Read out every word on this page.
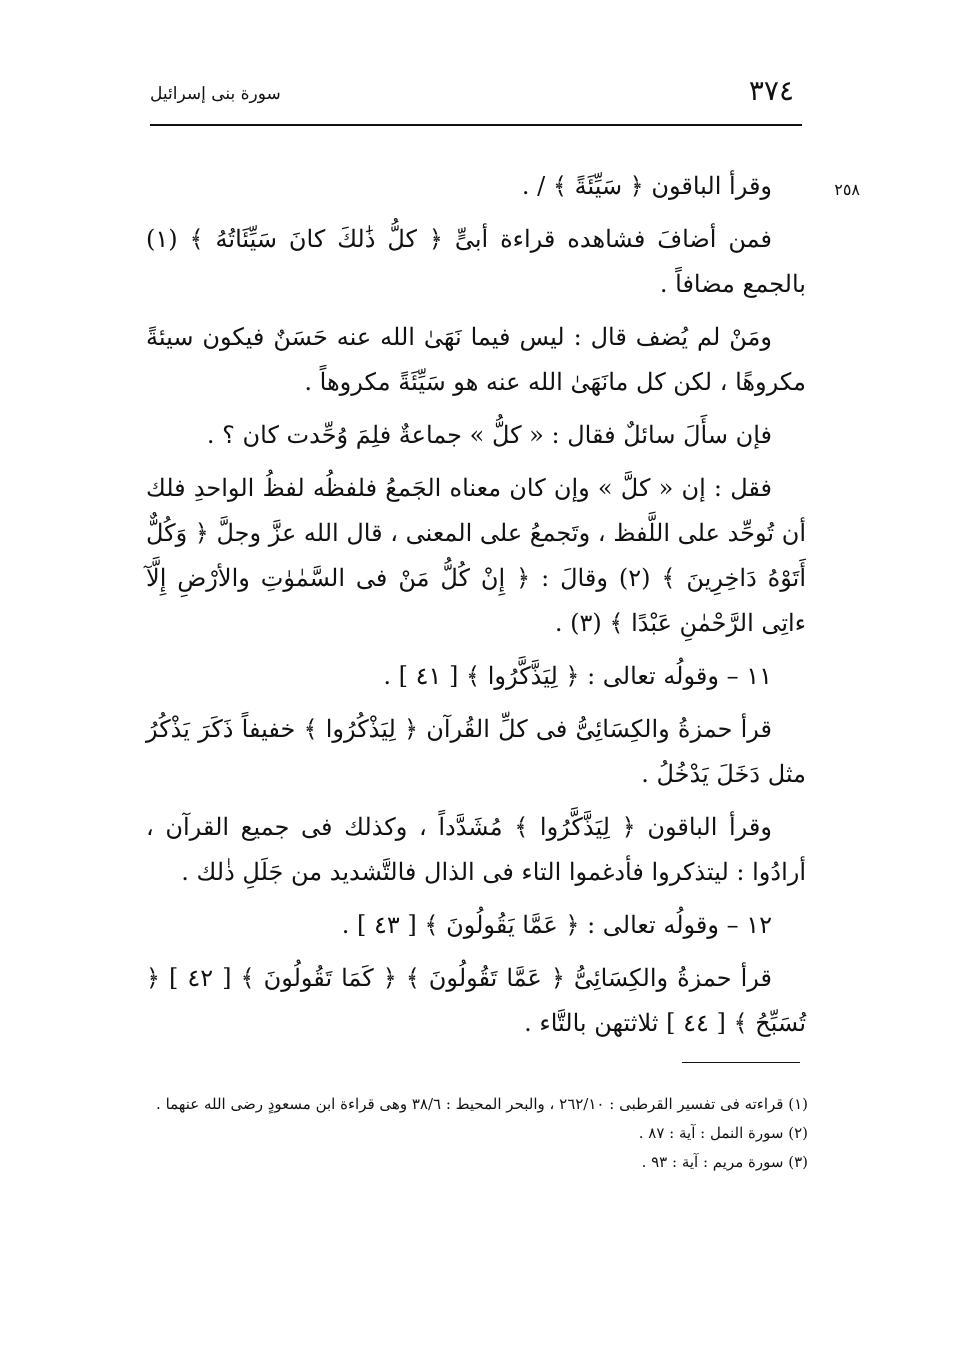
٣٧٤
سورة بنى إسرائيل
٢٥٨

وقرأ الباقون ﴿ سَيِّئَةً ﴾ / .

فمن أضافَ فشاهده قراءة أبىٍّ ﴿ كلُّ ذَٰلكَ كانَ سَيِّئَاتُهُ ﴾ (١) بالجمع مضافاً .

ومَنْ لم يُضف قال : ليس فيما نَهَىٰ الله عنه حَسَنٌ فيكون سيئةً مكروهًا ، لكن كل مانَهَىٰ الله عنه هو سَيِّئَةً مكروهاً .

فإن سأَلَ سائلٌ فقال : « كلُّ » جماعةٌ فلِمَ وُحِّدت كان ؟ .

فقل : إن « كلَّ » وإن كان معناه الجَمعُ فلفظُه لفظُ الواحدِ فلك أن تُوحِّد على اللَّفظ ، وتَجمعُ على المعنى ، قال الله عزَّ وجلَّ ﴿ وَكُلٌّ أَتَوْهُ دَاخِرِينَ ﴾ (٢) وقالَ : ﴿ إِنْ كُلُّ مَنْ فى السَّمٰوٰتِ والأرْضِ إِلَّآ ءاتِى الرَّحْمٰنِ عَبْدًا ﴾ (٣) .

١١ – وقولُه تعالى : ﴿ لِيَذَّكَّرُوا ﴾ [ ٤١ ] .

قرأ حمزةُ والكِسَائِىُّ فى كلِّ القُرآن ﴿ لِيَذْكُرُوا ﴾ خفيفاً ذَكَرَ يَذْكُرُ مثل دَخَلَ يَدْخُلُ .

وقرأ الباقون ﴿ لِيَذَّكَّرُوا ﴾ مُشَدَّداً ، وكذلك فى جميع القرآن ، أرادُوا : ليتذكروا فأدغموا التاء فى الذال فالتَّشديد من جَلَلِ ذٰلك .

١٢ – وقولُه تعالى : ﴿ عَمَّا يَقُولُونَ ﴾ [ ٤٣ ] .

قرأ حمزةُ والكِسَائِىُّ ﴿ عَمَّا تَقُولُونَ ﴾ ﴿ كَمَا تَقُولُونَ ﴾ [ ٤٢ ] ﴿ تُسَبِّحُ ﴾ [ ٤٤ ] ثلاثتهن بالتَّاء .

(١) قراءته فى تفسير القرطبى : ٢٦٢/١٠ ، والبحر المحيط : ٣٨/٦ وهى قراءة ابن مسعودٍ رضى الله عنهما .

(٢) سورة النمل : آية : ٨٧ .

(٣) سورة مريم : آية : ٩٣ .
